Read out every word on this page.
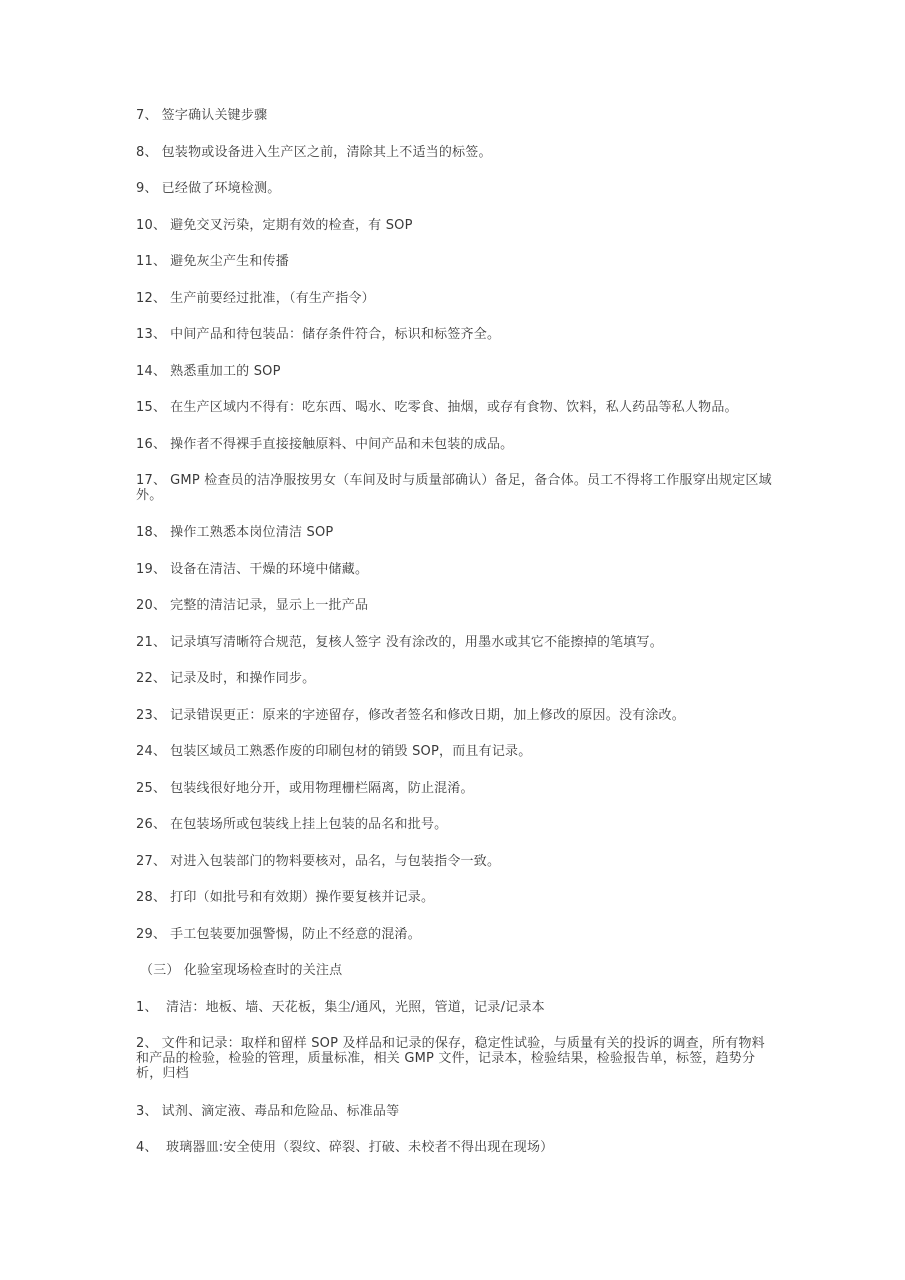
7、 签字确认关键步骤

8、 包装物或设备进入生产区之前，清除其上不适当的标签。

9、 已经做了环境检测。

10、 避免交叉污染，定期有效的检查，有 SOP

11、 避免灰尘产生和传播

12、 生产前要经过批准，（有生产指令）

13、 中间产品和待包装品：储存条件符合，标识和标签齐全。

14、 熟悉重加工的 SOP

15、 在生产区域内不得有：吃东西、喝水、吃零食、抽烟，或存有食物、饮料，私人药品等私人物品。

16、 操作者不得裸手直接接触原料、中间产品和未包装的成品。

17、 GMP 检查员的洁净服按男女（车间及时与质量部确认）备足，备合体。员工不得将工作服穿出规定区域外。

18、 操作工熟悉本岗位清洁 SOP

19、 设备在清洁、干燥的环境中储藏。

20、 完整的清洁记录，显示上一批产品

21、 记录填写清晰符合规范，复核人签字 没有涂改的，用墨水或其它不能擦掉的笔填写。

22、 记录及时，和操作同步。

23、 记录错误更正：原来的字迹留存，修改者签名和修改日期，加上修改的原因。没有涂改。

24、 包装区域员工熟悉作废的印刷包材的销毁 SOP，而且有记录。

25、 包装线很好地分开，或用物理栅栏隔离，防止混淆。

26、 在包装场所或包装线上挂上包装的品名和批号。

27、 对进入包装部门的物料要核对，品名，与包装指令一致。

28、 打印（如批号和有效期）操作要复核并记录。

29、 手工包装要加强警惕，防止不经意的混淆。

（三） 化验室现场检查时的关注点

1、 清洁：地板、墙、天花板，集尘/通风，光照，管道，记录/记录本

2、 文件和记录：取样和留样 SOP 及样品和记录的保存，稳定性试验，与质量有关的投诉的调查，所有物料和产品的检验，检验的管理，质量标准，相关 GMP 文件，记录本，检验结果，检验报告单，标签，趋势分析，归档

3、 试剂、滴定液、毒品和危险品、标准品等

4、 玻璃器皿:安全使用（裂纹、碎裂、打破、未校者不得出现在现场）
